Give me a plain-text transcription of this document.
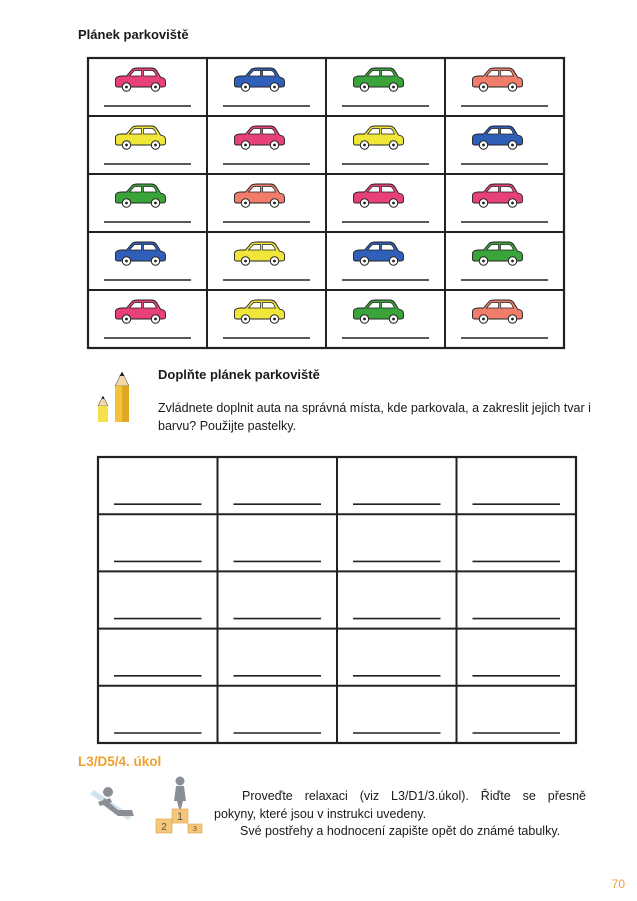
Plánek parkoviště
Doplňte plánek parkoviště
Zvládnete doplnit auta na správná místa, kde parkovala, a zakreslit jejich tvar i barvu? Použijte pastelky.
L3/D5/4. úkol
1
2	3
Proveďte relaxaci (viz L3/D1/3.úkol). Řiďte se přesně
pokyny, které jsou v instrukci uvedeny.
Své postřehy a hodnocení zapište opět do známé tabulky.
70
